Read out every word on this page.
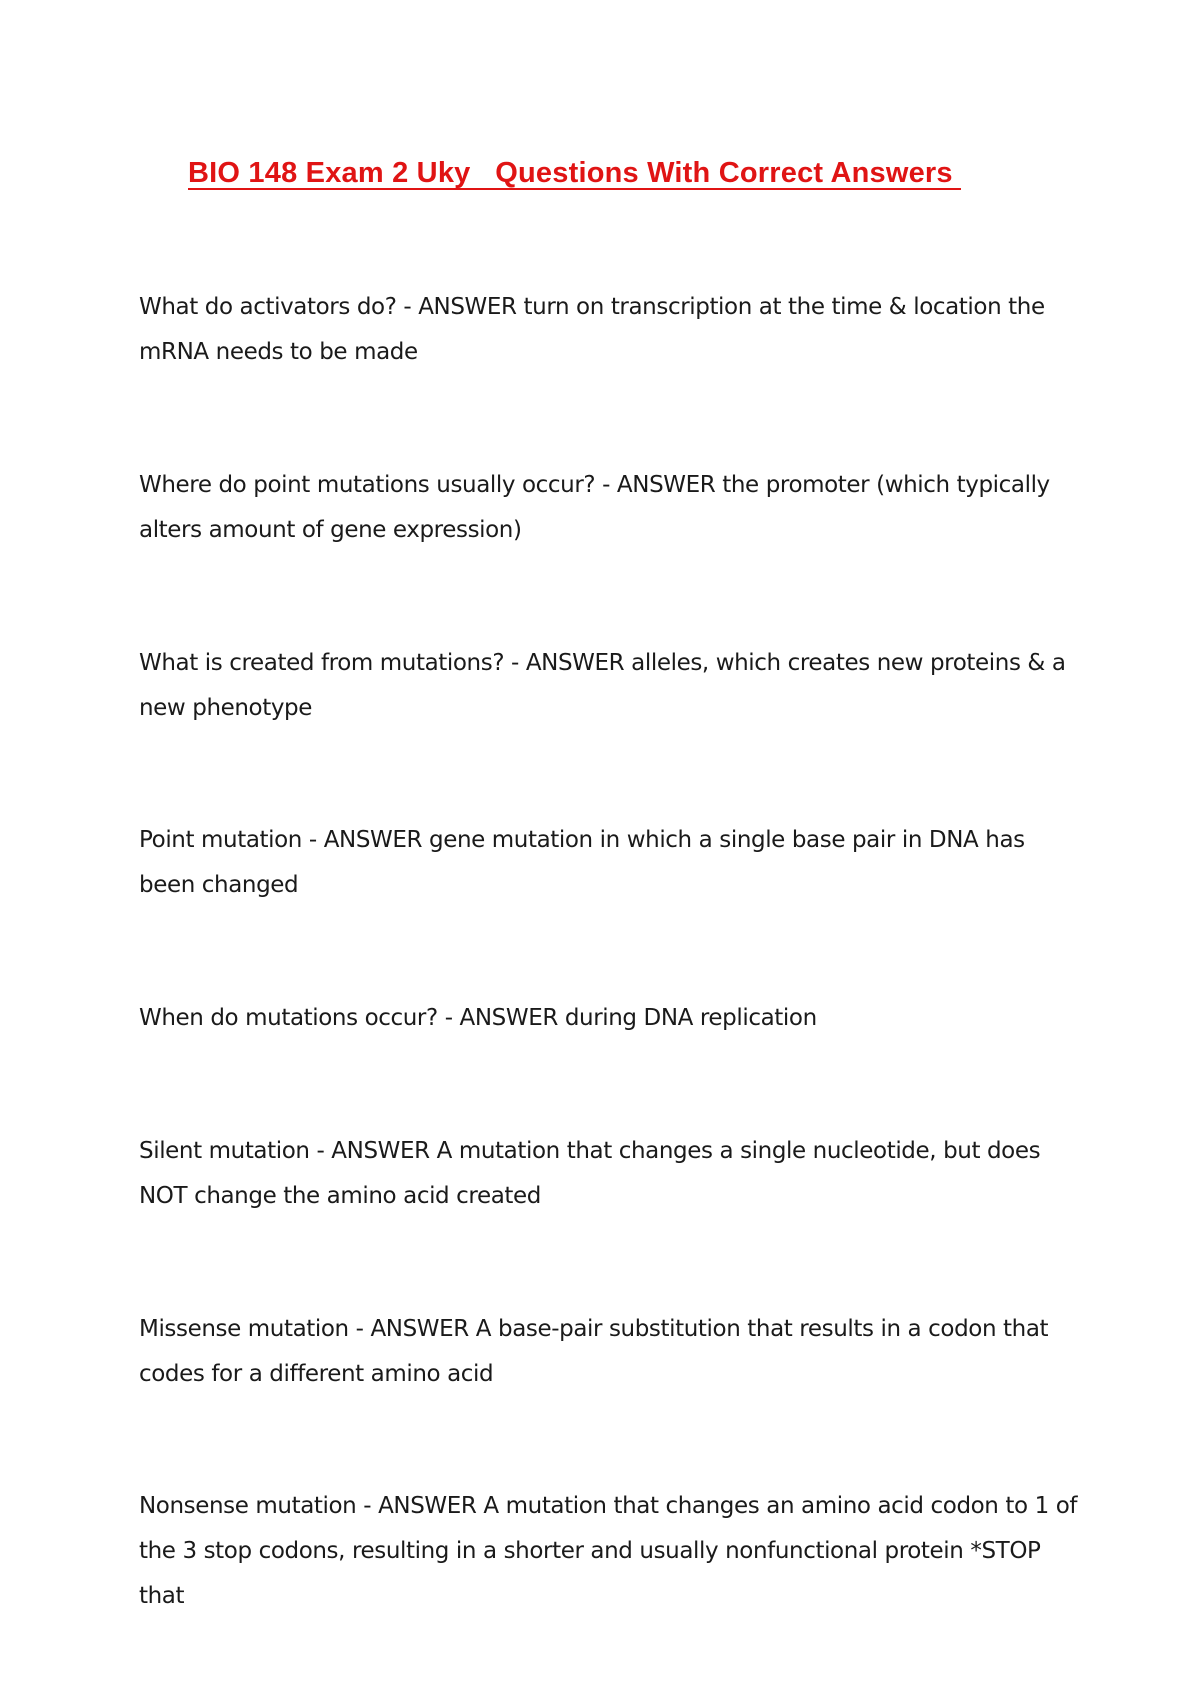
BIO 148 Exam 2 Uky   Questions With Correct Answers

What do activators do? - ANSWER turn on transcription at the time & location the mRNA needs to be made

Where do point mutations usually occur? - ANSWER the promoter (which typically alters amount of gene expression)

What is created from mutations? - ANSWER alleles, which creates new proteins & a new phenotype

Point mutation - ANSWER gene mutation in which a single base pair in DNA has been changed

When do mutations occur? - ANSWER during DNA replication

Silent mutation - ANSWER A mutation that changes a single nucleotide, but does NOT change the amino acid created

Missense mutation - ANSWER A base-pair substitution that results in a codon that codes for a different amino acid

Nonsense mutation - ANSWER A mutation that changes an amino acid codon to 1 of the 3 stop codons, resulting in a shorter and usually nonfunctional protein *STOP that
